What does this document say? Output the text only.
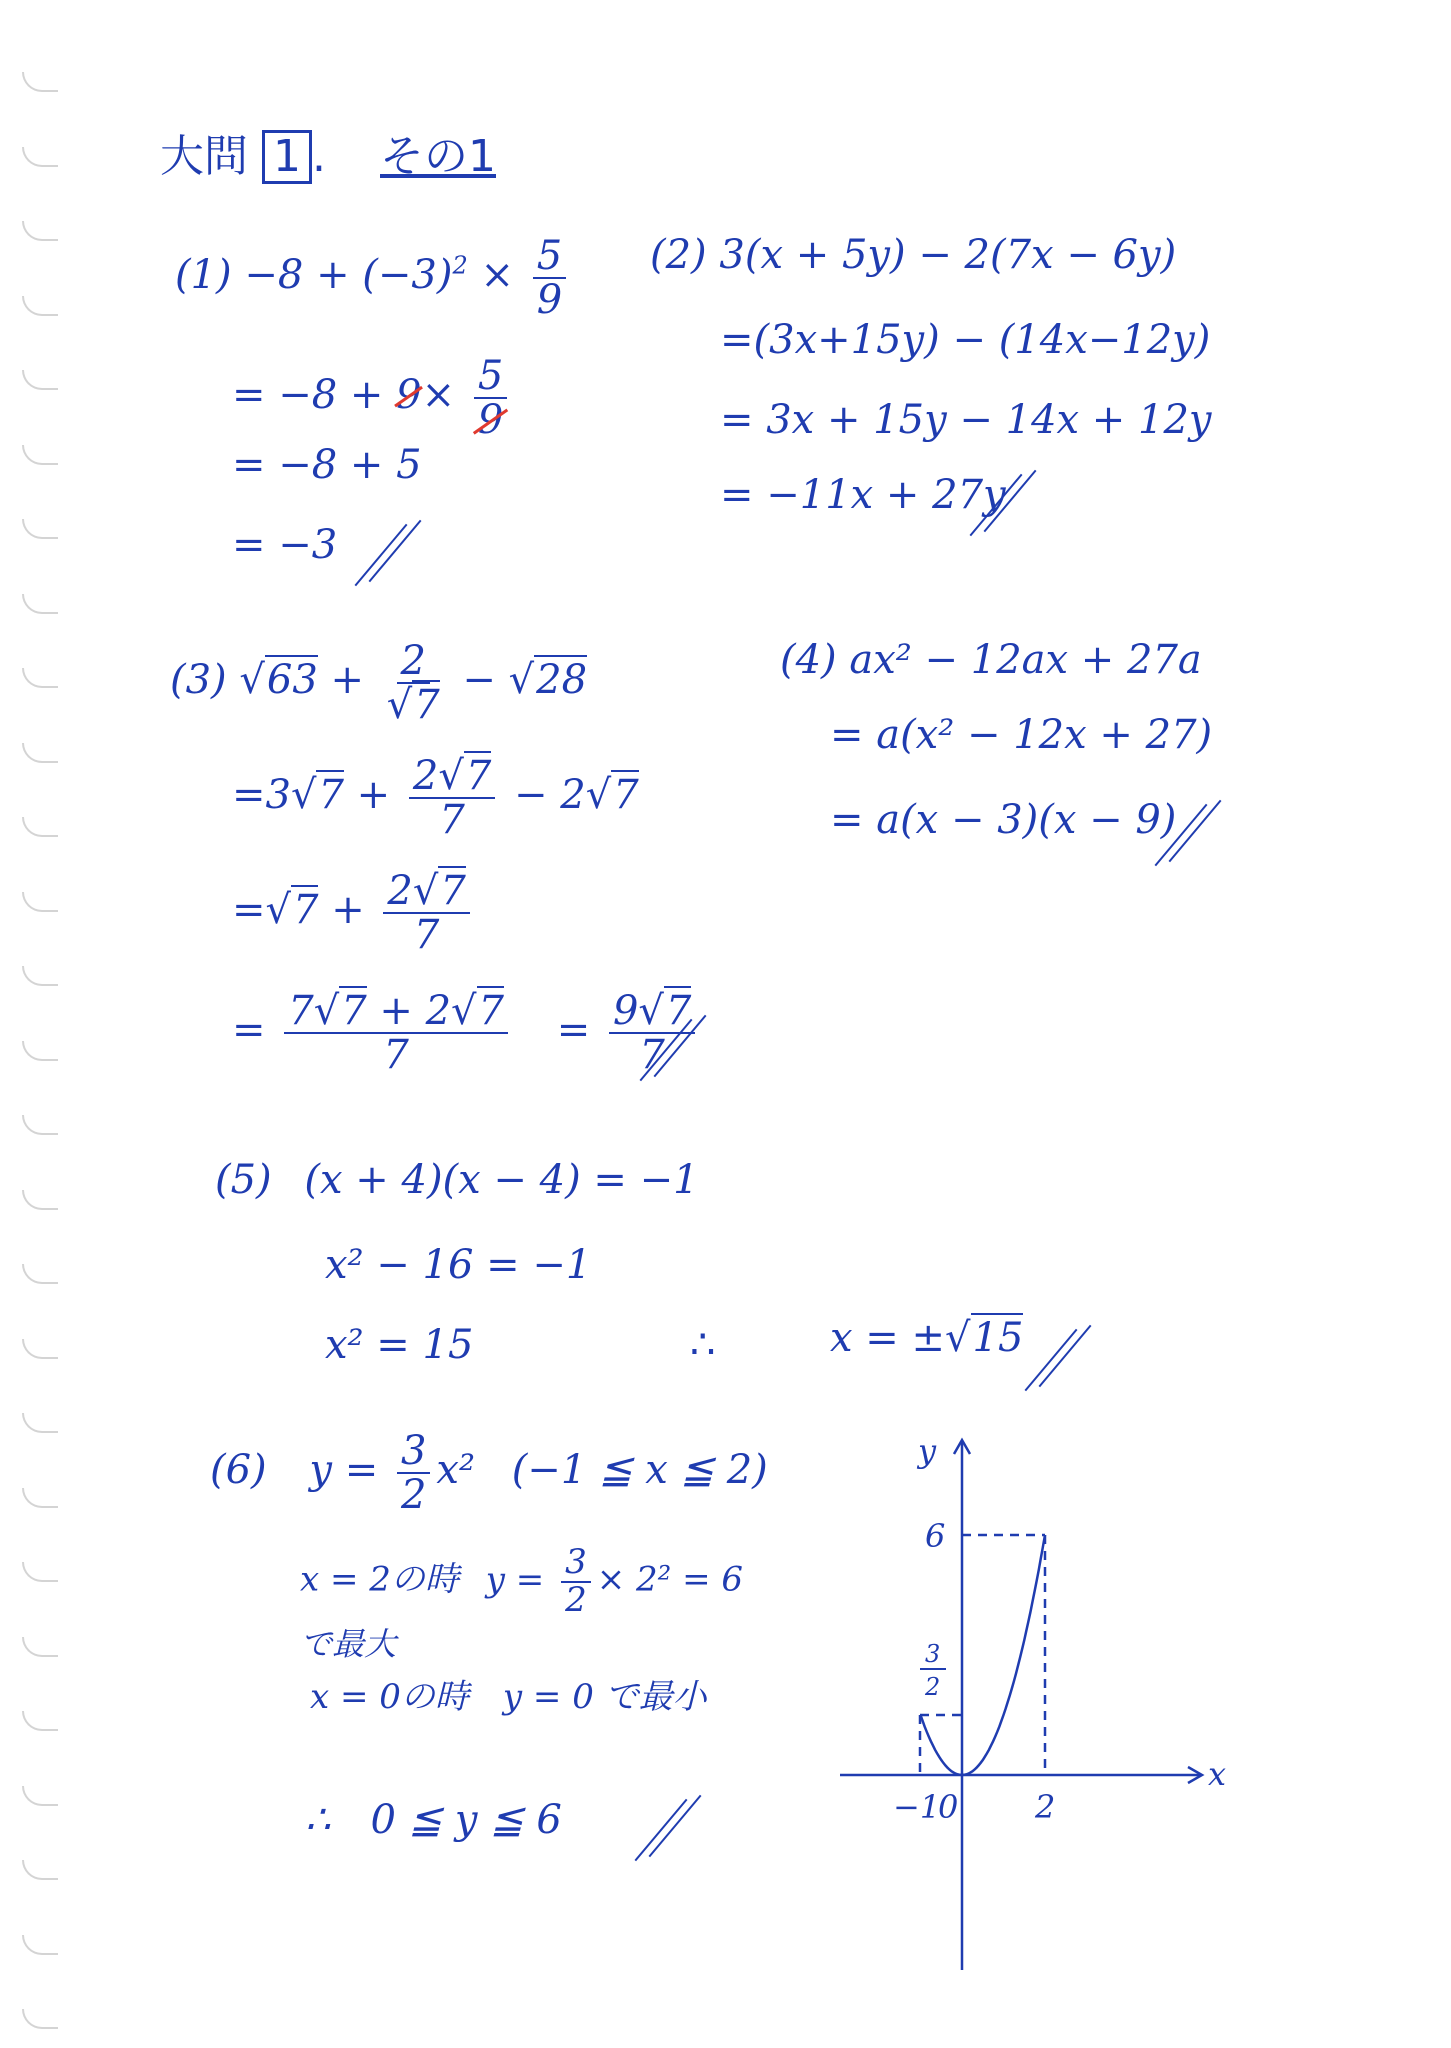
大問 1 . その1
$(1) -8 + (-3)^2 \times \frac{5}{9}$
= $-8 + 9\times \frac{5}{9}$
= −8 + 5
= −3
(2) 3(x + 5y) − 2(7x − 6y)
=(3x+15y) − (14x−12y)
= 3x + 15y − 14x + 12y
= −11x + 27y
(3) √ 63 + 2
√ 7 − √ 28
=3√ $7 + \frac{2√ 7}{7} - 2√$ 7
=√ $7 + \frac{2√ 7}{7}$
= $\frac{7√ 7 + 2√ 7}{7} = \frac{9√ 7}{7}$
(4) ax² − 12ax + 27a
= a(x² − 12x + 27)
= a(x − 3)(x − 9)
(5) (x + 4)(x − 4) = −1
x² − 16 = −1
x² = 15	∴	x = ±√ 15
(6) $y = \frac{3}{2} x^2$ (−1 ≦ x ≦ 2)
x = 2の時 $y = \frac{3}{2} \times 2^2 = 6$
で最大
x = 0の時　y = 0 で最小
∴　0 ≦ y ≦ 6
y
x
6
3
2
−1
0 2
